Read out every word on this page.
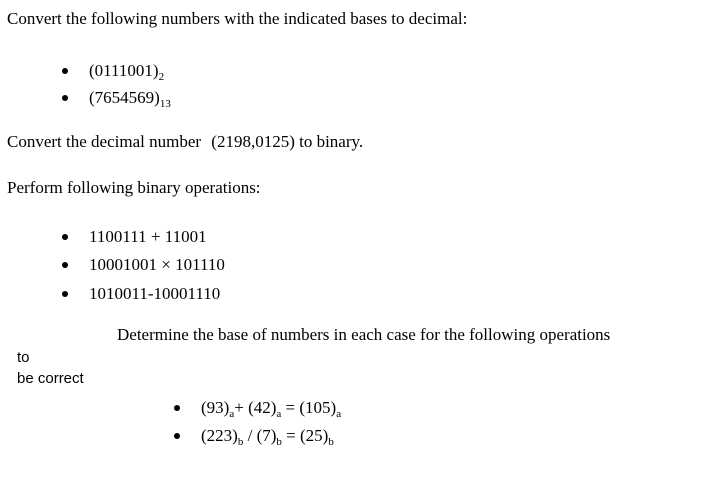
Convert the following numbers with the indicated bases to decimal:
$(0111001)_2$
$(7654569)_{13}$
Convert the decimal number (2198,0125) to binary.
Perform following binary operations:
1100111 + 11001
10001001 × 101110
1010011-10001110
Determine the base of numbers in each case for the following operations
to
be correct
$(93)_a+ (42)_a = (105)_a$
$(223)_b / (7)_b = (25)_b$
